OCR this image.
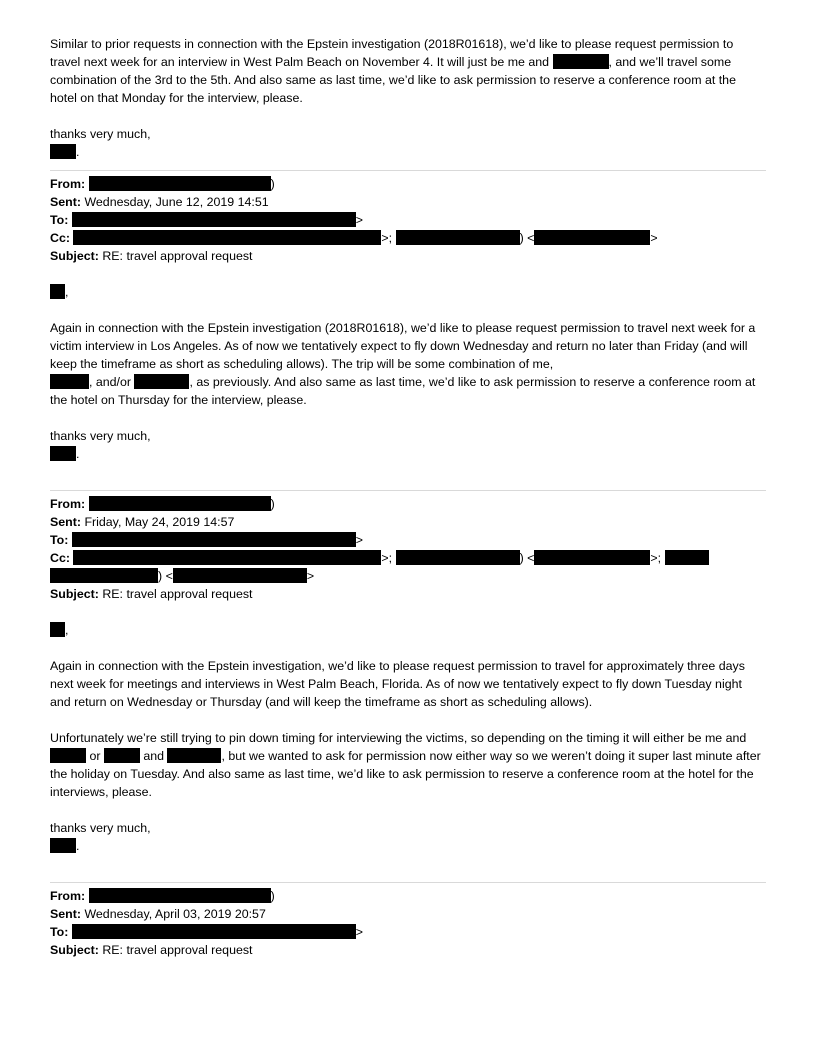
Similar to prior requests in connection with the Epstein investigation (2018R01618), we’d like to please request permission to travel next week for an interview in West Palm Beach on November 4. It will just be me and	, and we’ll travel some combination of the 3rd to the 5th. And also same as last time, we’d like to ask permission to reserve a conference room at the hotel on that Monday for the interview, please.

thanks very much,

.

From:	)

Sent: Wednesday, June 12, 2019 14:51

To:	>

Cc:	>;	) <	>

Subject: RE: travel approval request

,

Again in connection with the Epstein investigation (2018R01618), we’d like to please request permission to travel next week for a victim interview in Los Angeles. As of now we tentatively expect to fly down Wednesday and return no later than Friday (and will keep the timeframe as short as scheduling allows). The trip will be some combination of me,
, and/or	, as previously. And also same as last time, we’d like to ask permission to reserve a conference room at the hotel on Thursday for the interview, please.

thanks very much,

.

From:	)

Sent: Friday, May 24, 2019 14:57

To:	>

Cc:	>;	) <	>;
) <	>

Subject: RE: travel approval request

,

Again in connection with the Epstein investigation, we’d like to please request permission to travel for approximately three days next week for meetings and interviews in West Palm Beach, Florida. As of now we tentatively expect to fly down Tuesday night and return on Wednesday or Thursday (and will keep the timeframe as short as scheduling allows).

Unfortunately we’re still trying to pin down timing for interviewing the victims, so depending on the timing it will either be me and  or	and	, but we wanted to ask for permission now either way so we weren’t doing it super last minute after the holiday on Tuesday. And also same as last time, we’d like to ask permission to reserve a conference room at the hotel for the interviews, please.

thanks very much,

.

From:	)

Sent: Wednesday, April 03, 2019 20:57

To:	>

Subject: RE: travel approval request
